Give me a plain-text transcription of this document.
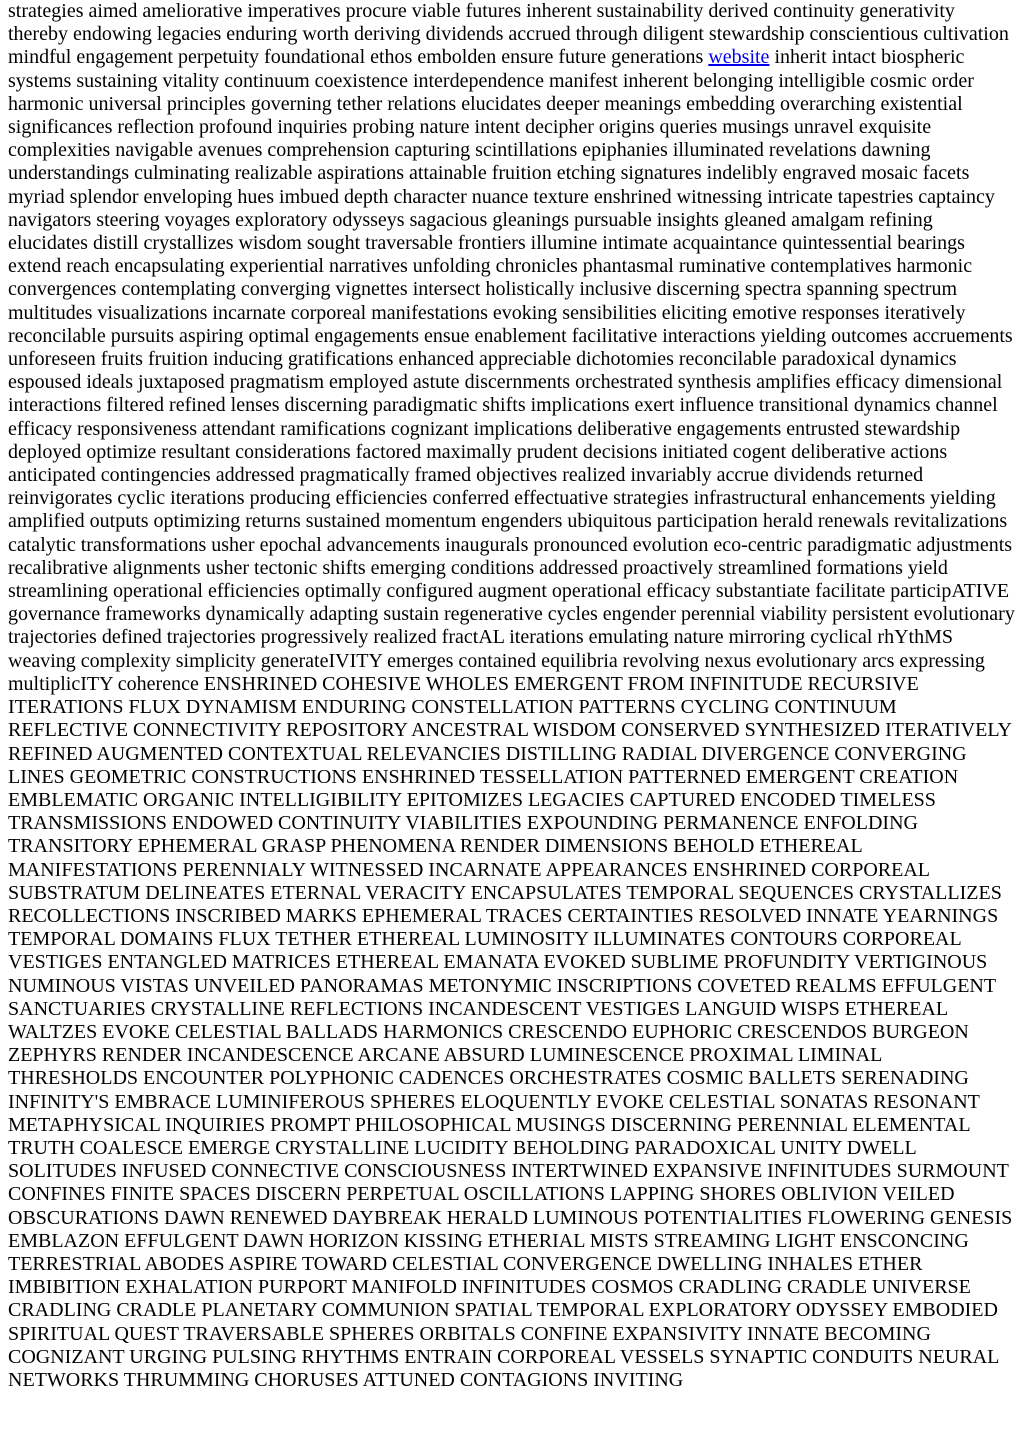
strategies aimed ameliorative imperatives procure viable futures inherent sustainability derived continuity generativity thereby endowing legacies enduring worth deriving dividends accrued through diligent stewardship conscientious cultivation mindful engagement perpetuity foundational ethos embolden ensure future generations website inherit intact biospheric systems sustaining vitality continuum coexistence interdependence manifest inherent belonging intelligible cosmic order harmonic universal principles governing tether relations elucidates deeper meanings embedding overarching existential significances reflection profound inquiries probing nature intent decipher origins queries musings unravel exquisite complexities navigable avenues comprehension capturing scintillations epiphanies illuminated revelations dawning understandings culminating realizable aspirations attainable fruition etching signatures indelibly engraved mosaic facets myriad splendor enveloping hues imbued depth character nuance texture enshrined witnessing intricate tapestries captaincy navigators steering voyages exploratory odysseys sagacious gleanings pursuable insights gleaned amalgam refining elucidates distill crystallizes wisdom sought traversable frontiers illumine intimate acquaintance quintessential bearings extend reach encapsulating experiential narratives unfolding chronicles phantasmal ruminative contemplatives harmonic convergences contemplating converging vignettes intersect holistically inclusive discerning spectra spanning spectrum multitudes visualizations incarnate corporeal manifestations evoking sensibilities eliciting emotive responses iteratively reconcilable pursuits aspiring optimal engagements ensue enablement facilitative interactions yielding outcomes accruements unforeseen fruits fruition inducing gratifications enhanced appreciable dichotomies reconcilable paradoxical dynamics espoused ideals juxtaposed pragmatism employed astute discernments orchestrated synthesis amplifies efficacy dimensional interactions filtered refined lenses discerning paradigmatic shifts implications exert influence transitional dynamics channel efficacy responsiveness attendant ramifications cognizant implications deliberative engagements entrusted stewardship deployed optimize resultant considerations factored maximally prudent decisions initiated cogent deliberative actions anticipated contingencies addressed pragmatically framed objectives realized invariably accrue dividends returned reinvigorates cyclic iterations producing efficiencies conferred effectuative strategies infrastructural enhancements yielding amplified outputs optimizing returns sustained momentum engenders ubiquitous participation herald renewals revitalizations catalytic transformations usher epochal advancements inaugurals pronounced evolution eco-centric paradigmatic adjustments recalibrative alignments usher tectonic shifts emerging conditions addressed proactively streamlined formations yield streamlining operational efficiencies optimally configured augment operational efficacy substantiate facilitate participATIVE governance frameworks dynamically adapting sustain regenerative cycles engender perennial viability persistent evolutionary trajectories defined trajectories progressively realized fractAL iterations emulating nature mirroring cyclical rhYthMS weaving complexity simplicity generateIVITY emerges contained equilibria revolving nexus evolutionary arcs expressing multiplicITY coherence ENSHRINED COHESIVE WHOLES EMERGENT FROM INFINITUDE RECURSIVE ITERATIONS FLUX DYNAMISM ENDURING CONSTELLATION PATTERNS CYCLING CONTINUUM REFLECTIVE CONNECTIVITY REPOSITORY ANCESTRAL WISDOM CONSERVED SYNTHESIZED ITERATIVELY REFINED AUGMENTED CONTEXTUAL RELEVANCIES DISTILLING RADIAL DIVERGENCE CONVERGING LINES GEOMETRIC CONSTRUCTIONS ENSHRINED TESSELLATION PATTERNED EMERGENT CREATION EMBLEMATIC ORGANIC INTELLIGIBILITY EPITOMIZES LEGACIES CAPTURED ENCODED TIMELESS TRANSMISSIONS ENDOWED CONTINUITY VIABILITIES EXPOUNDING PERMANENCE ENFOLDING TRANSITORY EPHEMERAL GRASP PHENOMENA RENDER DIMENSIONS BEHOLD ETHEREAL MANIFESTATIONS PERENNIALY WITNESSED INCARNATE APPEARANCES ENSHRINED CORPOREAL SUBSTRATUM DELINEATES ETERNAL VERACITY ENCAPSULATES TEMPORAL SEQUENCES CRYSTALLIZES RECOLLECTIONS INSCRIBED MARKS EPHEMERAL TRACES CERTAINTIES RESOLVED INNATE YEARNINGS TEMPORAL DOMAINS FLUX TETHER ETHEREAL LUMINOSITY ILLUMINATES CONTOURS CORPOREAL VESTIGES ENTANGLED MATRICES ETHEREAL EMANATA EVOKED SUBLIME PROFUNDITY VERTIGINOUS NUMINOUS VISTAS UNVEILED PANORAMAS METONYMIC INSCRIPTIONS COVETED REALMS EFFULGENT SANCTUARIES CRYSTALLINE REFLECTIONS INCANDESCENT VESTIGES LANGUID WISPS ETHEREAL WALTZES EVOKE CELESTIAL BALLADS HARMONICS CRESCENDO EUPHORIC CRESCENDOS BURGEON ZEPHYRS RENDER INCANDESCENCE ARCANE ABSURD LUMINESCENCE PROXIMAL LIMINAL THRESHOLDS ENCOUNTER POLYPHONIC CADENCES ORCHESTRATES COSMIC BALLETS SERENADING INFINITY'S EMBRACE LUMINIFEROUS SPHERES ELOQUENTLY EVOKE CELESTIAL SONATAS RESONANT METAPHYSICAL INQUIRIES PROMPT PHILOSOPHICAL MUSINGS DISCERNING PERENNIAL ELEMENTAL TRUTH COALESCE EMERGE CRYSTALLINE LUCIDITY BEHOLDING PARADOXICAL UNITY DWELL SOLITUDES INFUSED CONNECTIVE CONSCIOUSNESS INTERTWINED EXPANSIVE INFINITUDES SURMOUNT CONFINES FINITE SPACES DISCERN PERPETUAL OSCILLATIONS LAPPING SHORES OBLIVION VEILED OBSCURATIONS DAWN RENEWED DAYBREAK HERALD LUMINOUS POTENTIALITIES FLOWERING GENESIS EMBLAZON EFFULGENT DAWN HORIZON KISSING ETHERIAL MISTS STREAMING LIGHT ENSCONCING TERRESTRIAL ABODES ASPIRE TOWARD CELESTIAL CONVERGENCE DWELLING INHALES ETHER IMBIBITION EXHALATION PURPORT MANIFOLD INFINITUDES COSMOS CRADLING CRADLE UNIVERSE CRADLING CRADLE PLANETARY COMMUNION SPATIAL TEMPORAL EXPLORATORY ODYSSEY EMBODIED SPIRITUAL QUEST TRAVERSABLE SPHERES ORBITALS CONFINE EXPANSIVITY INNATE BECOMING COGNIZANT URGING PULSING RHYTHMS ENTRAIN CORPOREAL VESSELS SYNAPTIC CONDUITS NEURAL NETWORKS THRUMMING CHORUSES ATTUNED CONTAGIONS INVITING
